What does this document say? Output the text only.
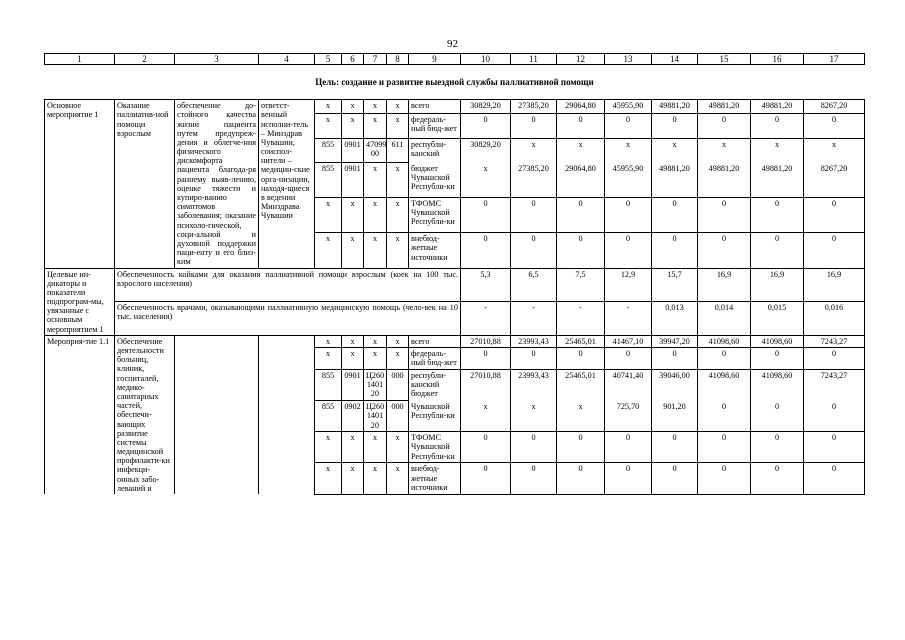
92
1	2	3	4	5	6	7	8	9	10	11	12	13	14	15	16	17
Цель: создание и развитие выездной службы паллиативной помощи																
Основное мероприятие 1	Оказание паллиатив-ной помощи взрослым	обеспечение до-стойного качества жизни пациента путем предупреж-дения и облегче-ния физического дискомфорта пациента благода-ря раннему выяв-лению, оценке тяжести и купиро-ванию симптомов заболевания; оказание психоло-гической, соци-альной и духовной поддержки паци-енту и его близ-ким	ответст-венный исполни-тель – Минздрав Чувашии, соиспол-нители – медицин-ские орга-низации, находя-щиеся в ведении Минздрава Чувашии	x	x	x	x	всего	30829,20	27385,20	29064,80	45955,90	49881,20	49881,20	49881,20	8267,20
				x	x	x	x	федераль-ный бюд-жет	0	0	0	0	0	0	0	0
				855	0901	47099 00	611	республи-канский	30829,20	x	x	x	x	x	x	x
				855	0901	x	x	бюджет Чувашской Республи-ки	x	27385,20	29064,80	45955,90	49881,20	49881,20	49881,20	8267,20
				x	x	x	x	ТФОМС Чувашской Республи-ки	0	0	0	0	0	0	0	0
				x	x	x	x	внебюд-жетные источники	0	0	0	0	0	0	0	0
Целевые ин-дикаторы и показатели подпрограм-мы, увязанные с основным мероприятием 1	Обеспеченность койками для оказания паллиативной помощи взрослым (коек на 100 тыс. взрослого населения)								5,3	6,5	7,5	12,9	15,7	16,9	16,9	16,9
	Обеспеченность врачами, оказывающими паллиативную медицинскую помощь (чело-век на 10 тыс. населения)								-	-	-	-	0,013	0,014	0,015	0,016
Мероприя-тие 1.1	Обеспечение деятельности больниц, клиник, госпиталей, медико-санитарных частей, обеспечи-вающих развитие системы медицинской профилакти-ки инфекци-онных забо-леваний и			x	x	x	x	всего	27010,88	23993,43	25465,01	41467,10	39947,20	41098,60	41098,60	7243,27
				x	x	x	x	федераль-ный бюд-жет	0	0	0	0	0	0	0	0
				855	0901	Ц260 1401 20	000	республи-канский бюджет	27010,88	23993,43	25465,01	40741,40	39046,00	41098,60	41098,60	7243,27
				855	0902	Ц260 1401 20	000	Чувашской Республи-ки	x	x	x	725,70	901,20	0	0	0
				x	x	x	x	ТФОМС Чувашской Республи-ки	0	0	0	0	0	0	0	0
				x	x	x	x	внебюд-жетные источники	0	0	0	0	0	0	0	0
